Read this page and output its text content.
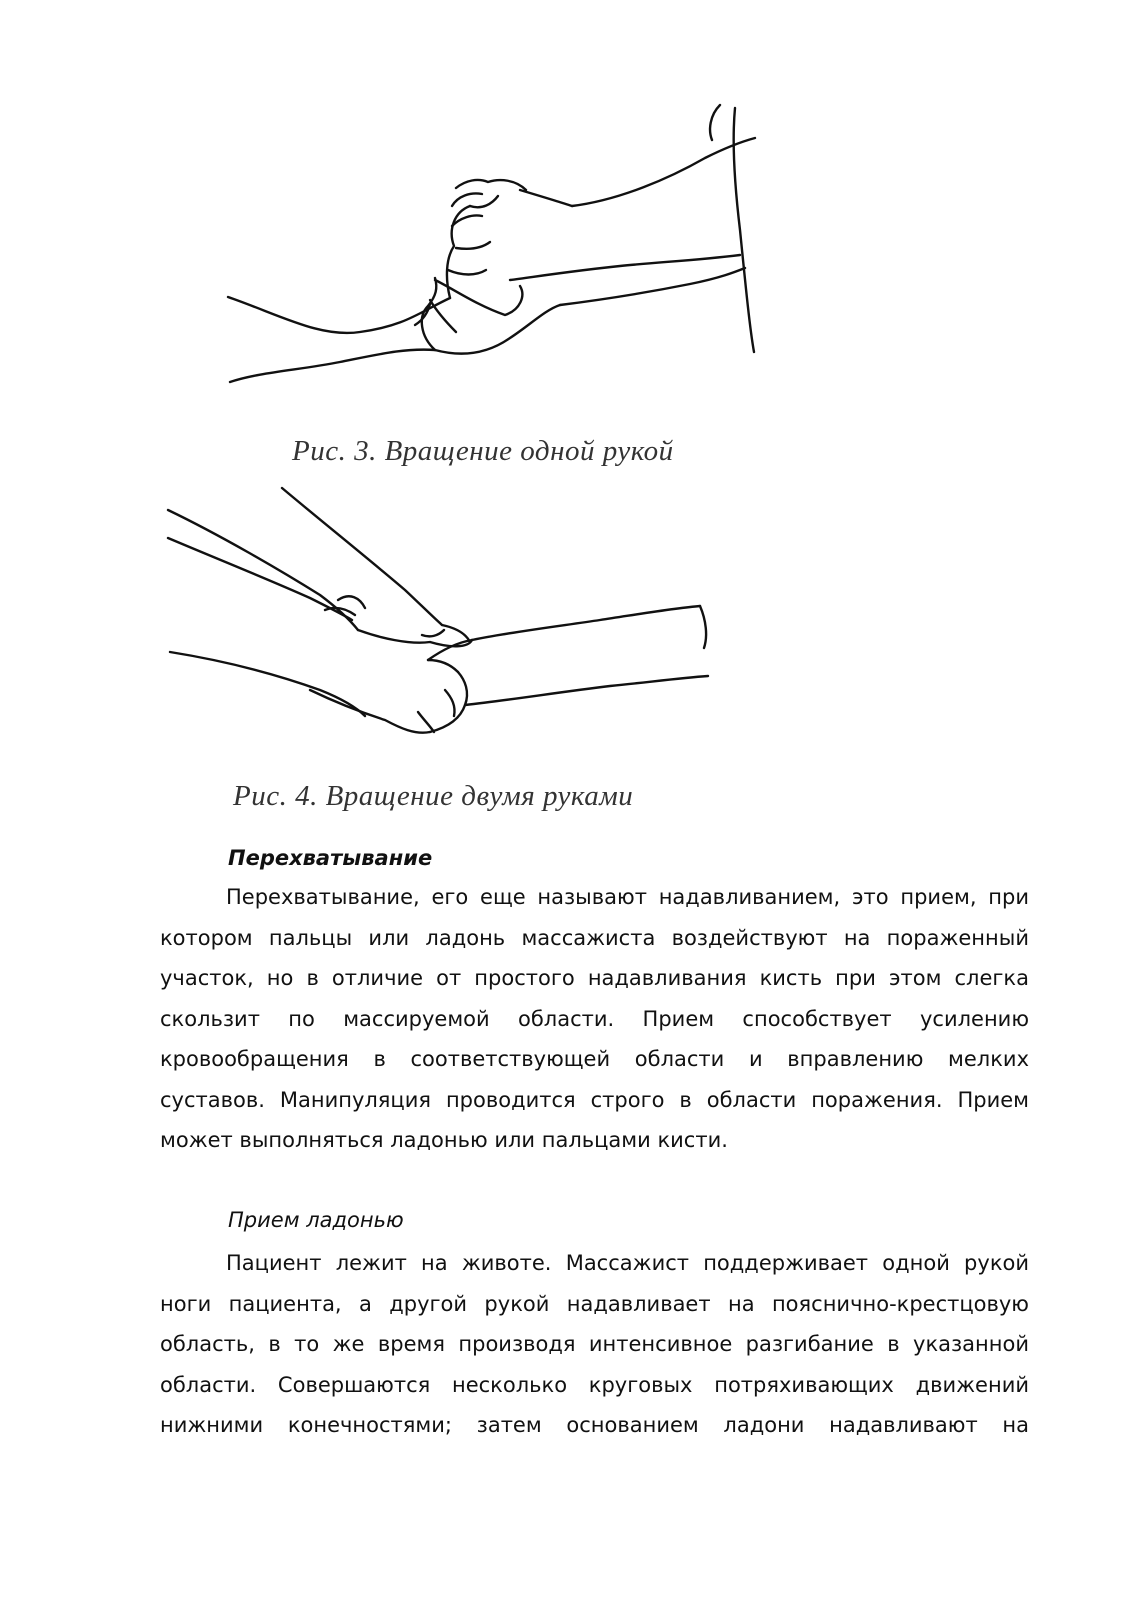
Рис. 3. Вращение одной рукой
Рис. 4. Вращение двумя руками
Перехватывание
Перехватывание, его еще называют надавливанием, это прием, при
котором пальцы или ладонь массажиста воздействуют на пораженный
участок, но в отличие от простого надавливания кисть при этом слегка
скользит по массируемой области. Прием способствует усилению
кровообращения в соответствующей области и вправлению мелких
суставов. Манипуляция проводится строго в области поражения. Прием
может выполняться ладонью или пальцами кисти.
Прием ладонью
Пациент лежит на животе. Массажист поддерживает одной рукой
ноги пациента, а другой рукой надавливает на пояснично-крестцовую
область, в то же время производя интенсивное разгибание в указанной
области. Совершаются несколько круговых потряхивающих движений
нижними конечностями; затем основанием ладони надавливают на
